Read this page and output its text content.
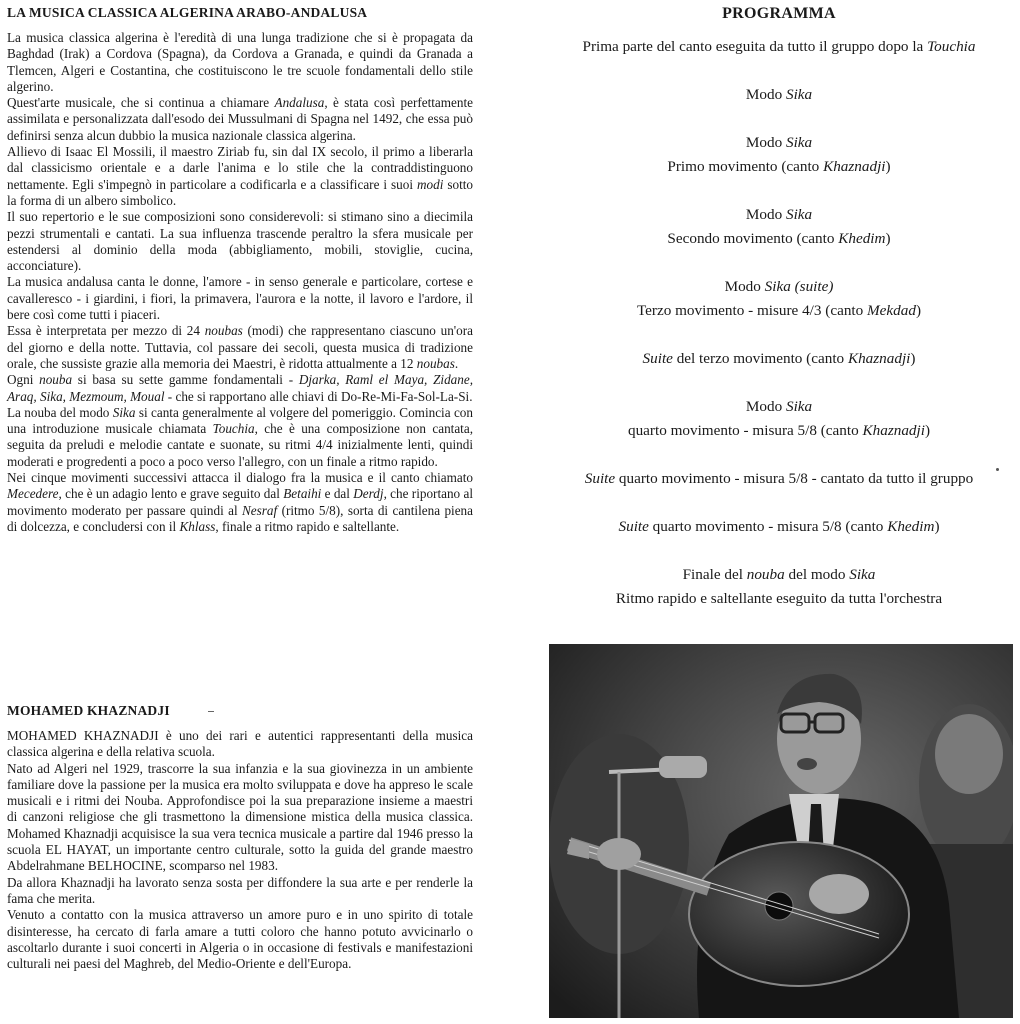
LA MUSICA CLASSICA ALGERINA ARABO-ANDALUSA

La musica classica algerina è l'eredità di una lunga tradizione che si è propagata da Baghdad (Irak) a Cordova (Spagna), da Cordova a Granada, e quindi da Granada a Tlemcen, Algeri e Costantina, che costituiscono le tre scuole fondamentali dello stile algerino.

Quest'arte musicale, che si continua a chiamare Andalusa, è stata così perfettamente assimilata e personalizzata dall'esodo dei Mussulmani di Spagna nel 1492, che essa può definirsi senza alcun dubbio la musica nazionale classica algerina.

Allievo di Isaac El Mossili, il maestro Ziriab fu, sin dal IX secolo, il primo a liberarla dal classicismo orientale e a darle l'anima e lo stile che la contraddistinguono nettamente. Egli s'impegnò in particolare a codificarla e a classificare i suoi modi sotto la forma di un albero simbolico.

Il suo repertorio e le sue composizioni sono considerevoli: si stimano sino a diecimila pezzi strumentali e cantati. La sua influenza trascende peraltro la sfera musicale per estendersi al dominio della moda (abbigliamento, mobili, stoviglie, cucina, acconciature).

La musica andalusa canta le donne, l'amore - in senso generale e particolare, cortese e cavalleresco - i giardini, i fiori, la primavera, l'aurora e la notte, il lavoro e l'ardore, il bere così come tutti i piaceri.

Essa è interpretata per mezzo di 24 noubas (modi) che rappresentano ciascuno un'ora del giorno e della notte. Tuttavia, col passare dei secoli, questa musica di tradizione orale, che sussiste grazie alla memoria dei Maestri, è ridotta attualmente a 12 noubas.

Ogni nouba si basa su sette gamme fondamentali - Djarka, Raml el Maya, Zidane, Araq, Sika, Mezmoum, Moual - che si rapportano alle chiavi di Do-Re-Mi-Fa-Sol-La-Si.

La nouba del modo Sika si canta generalmente al volgere del pomeriggio. Comincia con una introduzione musicale chiamata Touchia, che è una composizione non cantata, seguita da preludi e melodie cantate e suonate, su ritmi 4/4 inizialmente lenti, quindi moderati e progredenti a poco a poco verso l'allegro, con un finale a ritmo rapido.

Nei cinque movimenti successivi attacca il dialogo fra la musica e il canto chiamato Mecedere, che è un adagio lento e grave seguito dal Betaihi e dal Derdj, che riportano al movimento moderato per passare quindi al Nesraf (ritmo 5/8), sorta di cantilena piena di dolcezza, e concludersi con il Khlass, finale a ritmo rapido e saltellante.

MOHAMED KHAZNADJI

MOHAMED KHAZNADJI è uno dei rari e autentici rappresentanti della musica classica algerina e della relativa scuola.

Nato ad Algeri nel 1929, trascorre la sua infanzia e la sua giovinezza in un ambiente familiare dove la passione per la musica era molto sviluppata e dove ha appreso le scale musicali e i ritmi dei Nouba. Approfondisce poi la sua preparazione insieme a maestri di canzoni religiose che gli trasmettono la dimensione mistica della musica classica. Mohamed Khaznadji acquisisce la sua vera tecnica musicale a partire dal 1946 presso la scuola EL HAYAT, un importante centro culturale, sotto la guida del grande maestro Abdelrahmane BELHOCINE, scomparso nel 1983.

Da allora Khaznadji ha lavorato senza sosta per diffondere la sua arte e per renderle la fama che merita.

Venuto a contatto con la musica attraverso un amore puro e in uno spirito di totale disinteresse, ha cercato di farla amare a tutti coloro che hanno potuto avvicinarlo o ascoltarlo durante i suoi concerti in Algeria o in occasione di festivals e manifestazioni culturali nei paesi del Maghreb, del Medio-Oriente e dell'Europa.

PROGRAMMA
Prima parte del canto eseguita da tutto il gruppo dopo la Touchia
Modo Sika
Modo Sika
Primo movimento (canto Khaznadji)
Modo Sika
Secondo movimento (canto Khedim)
Modo Sika (suite)
Terzo movimento - misure 4/3 (canto Mekdad)
Suite del terzo movimento (canto Khaznadji)
Modo Sika
quarto movimento - misura 5/8 (canto Khaznadji)
Suite quarto movimento - misura 5/8 - cantato da tutto il gruppo
Suite quarto movimento - misura 5/8 (canto Khedim)
Finale del nouba del modo Sika
Ritmo rapido e saltellante eseguito da tutta l'orchestra
